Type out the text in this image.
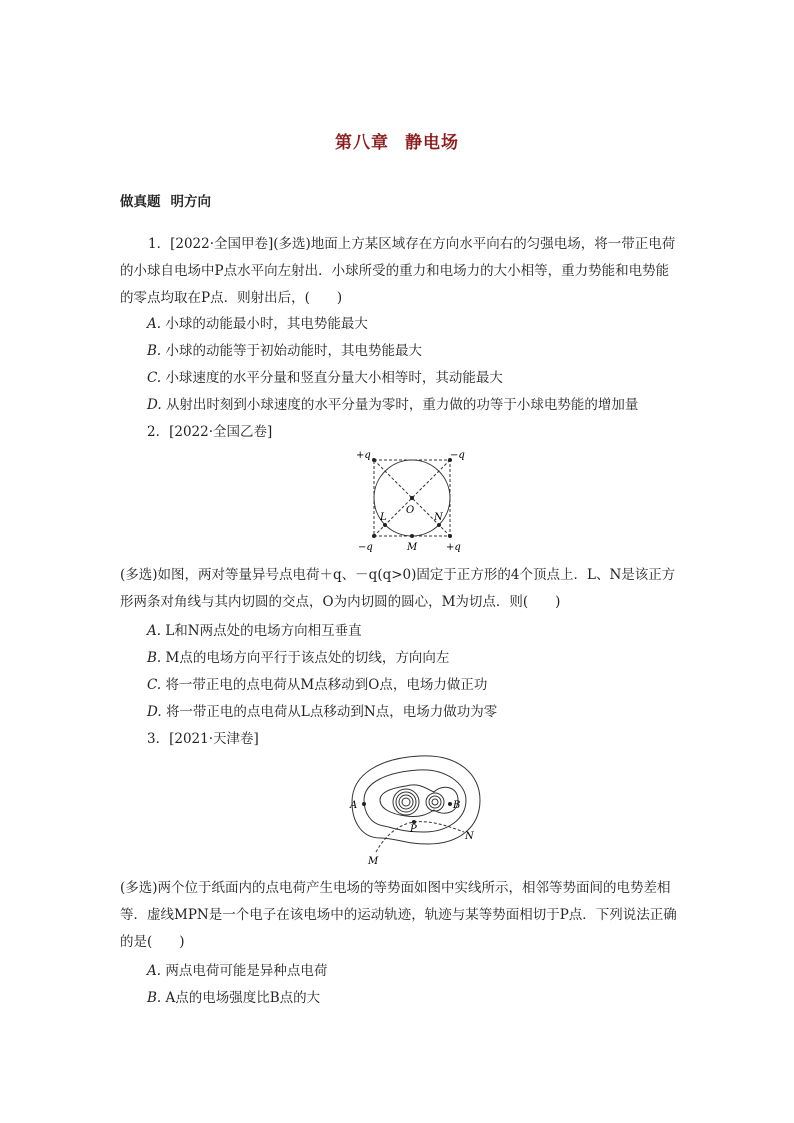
第八章 静电场
做真题 明方向
1．[2022·全国甲卷](多选)地面上方某区域存在方向水平向右的匀强电场，将一带正电荷的小球自电场中P点水平向左射出．小球所受的重力和电场力的大小相等，重力势能和电势能的零点均取在P点．则射出后，(　　)
A. 小球的动能最小时，其电势能最大
B. 小球的动能等于初始动能时，其电势能最大
C. 小球速度的水平分量和竖直分量大小相等时，其动能最大
D. 从射出时刻到小球速度的水平分量为零时，重力做的功等于小球电势能的增加量
2．[2022·全国乙卷]
+q	−q
−q	+q
O
L	N
M
(多选)如图，两对等量异号点电荷＋q、－q(q>0)固定于正方形的4个顶点上．L、N是该正方形两条对角线与其内切圆的交点，O为内切圆的圆心，M为切点．则(　　)
A. L和N两点处的电场方向相互垂直
B. M点的电场方向平行于该点处的切线，方向向左
C. 将一带正电的点电荷从M点移动到O点，电场力做正功
D. 将一带正电的点电荷从L点移动到N点，电场力做功为零
3．[2021·天津卷]
A	B
P
N
M
(多选)两个位于纸面内的点电荷产生电场的等势面如图中实线所示，相邻等势面间的电势差相等．虚线MPN是一个电子在该电场中的运动轨迹，轨迹与某等势面相切于P点．下列说法正确的是(　　)
A. 两点电荷可能是异种点电荷
B. A点的电场强度比B点的大
